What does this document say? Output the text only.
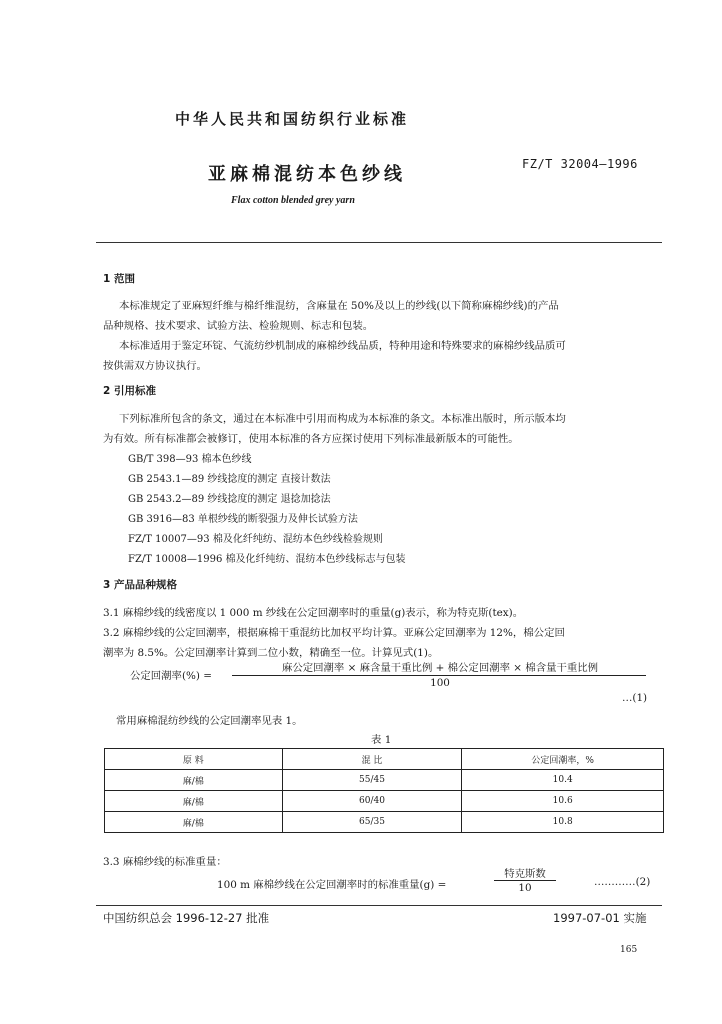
中华人民共和国纺织行业标准
亚麻棉混纺本色纱线	FZ/T 32004—1996
Flax cotton blended grey yarn
1 范围
本标准规定了亚麻短纤维与棉纤维混纺，含麻量在 50%及以上的纱线(以下简称麻棉纱线)的产品
品种规格、技术要求、试验方法、检验规则、标志和包装。
本标准适用于鉴定环锭、气流纺纱机制成的麻棉纱线品质，特种用途和特殊要求的麻棉纱线品质可
按供需双方协议执行。
2 引用标准
下列标准所包含的条文，通过在本标准中引用而构成为本标准的条文。本标准出版时，所示版本均
为有效。所有标准都会被修订，使用本标准的各方应探讨使用下列标准最新版本的可能性。
GB/T 398—93 棉本色纱线
GB 2543.1—89 纱线捻度的测定 直接计数法
GB 2543.2—89 纱线捻度的测定 退捻加捻法
GB 3916—83 单根纱线的断裂强力及伸长试验方法
FZ/T 10007—93 棉及化纤纯纺、混纺本色纱线检验规则
FZ/T 10008—1996 棉及化纤纯纺、混纺本色纱线标志与包装
3 产品品种规格
3.1 麻棉纱线的线密度以 1 000 m 纱线在公定回潮率时的重量(g)表示，称为特克斯(tex)。
3.2 麻棉纱线的公定回潮率，根据麻棉干重混纺比加权平均计算。亚麻公定回潮率为 12%，棉公定回
潮率为 8.5%。公定回潮率计算到二位小数，精确至一位。计算见式(1)。
公定回潮率(%) =
麻公定回潮率 × 麻含量干重比例 + 棉公定回潮率 × 棉含量干重比例
100
…(1)
常用麻棉混纺纱线的公定回潮率见表 1。
表 1
原 料	混 比	公定回潮率，%
麻/棉	55/45	10.4
麻/棉	60/40	10.6
麻/棉	65/35	10.8
3.3 麻棉纱线的标准重量：
100 m 麻棉纱线在公定回潮率时的标准重量(g) =
特克斯数
10	…………(2)
中国纺织总会 1996-12-27 批准	1997-07-01 实施
165
